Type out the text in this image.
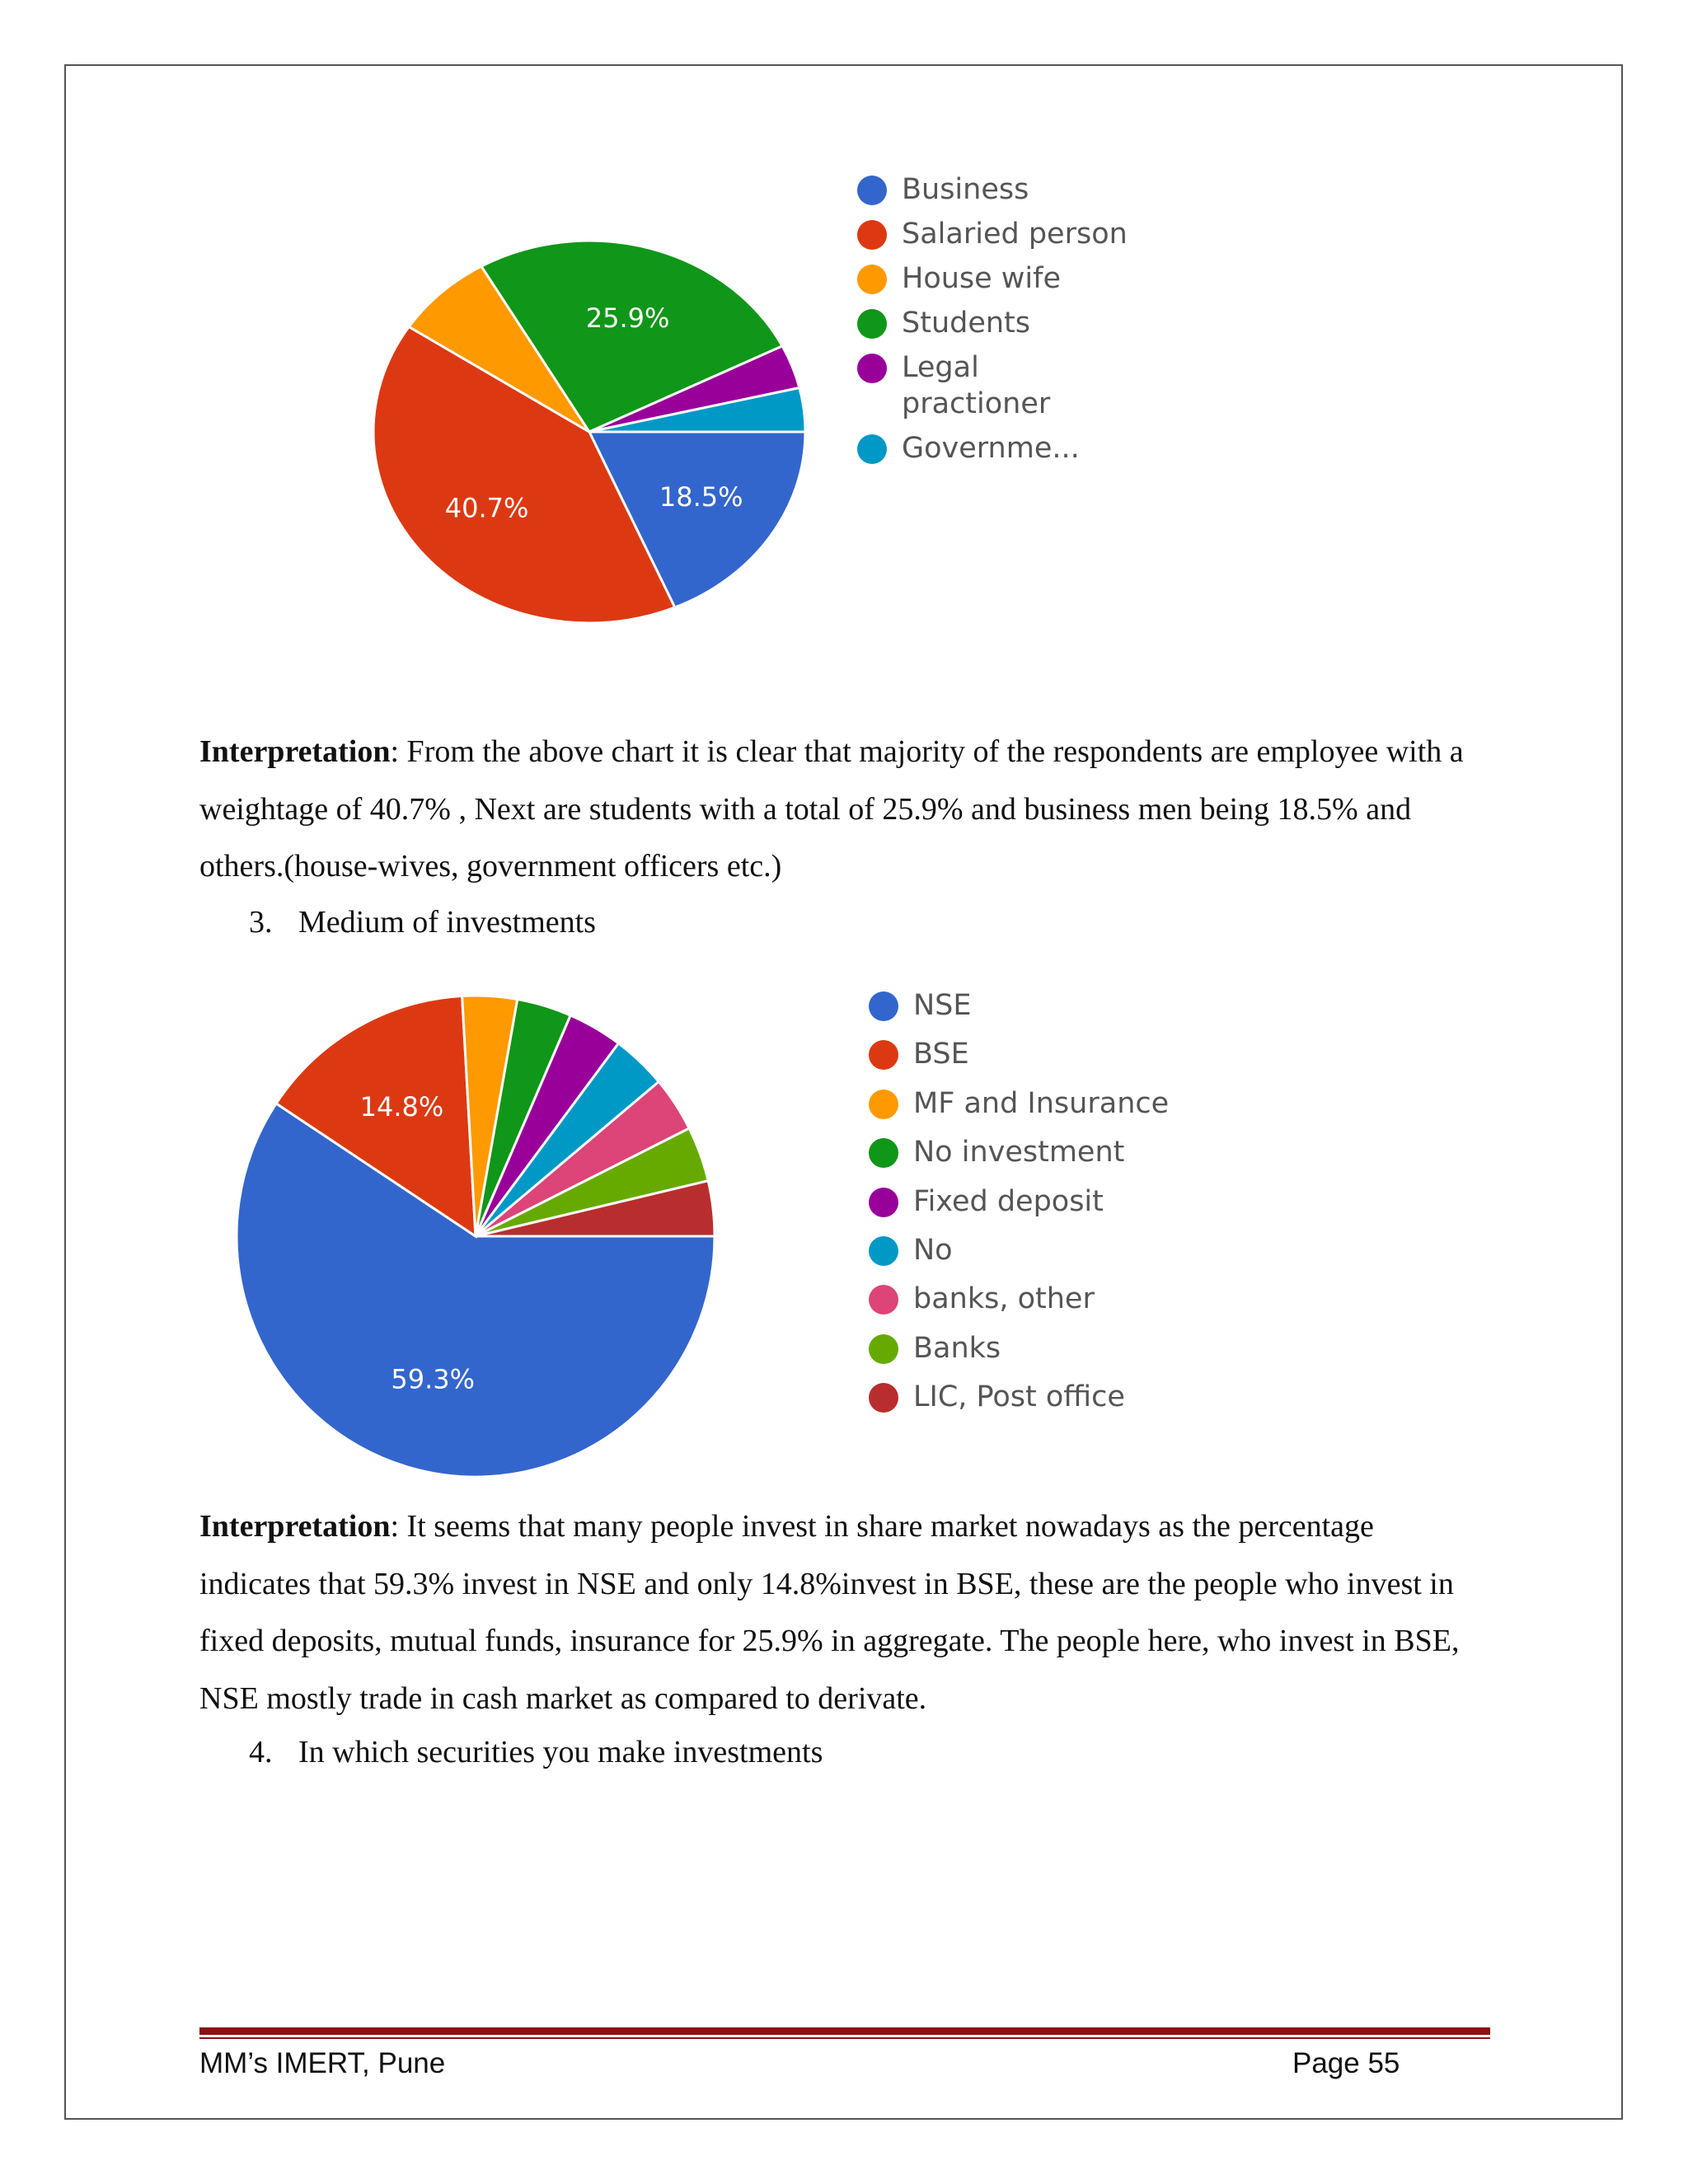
18.5%
40.7%
25.9%
Business
Salaried person
House wife
Students
Legal practioner
Governme...

Interpretation: From the above chart it is clear that majority of the respondents are employee with a weightage of 40.7% , Next are students with a total of 25.9% and business men being 18.5% and others.(house-wives, government officers etc.)

3. Medium of investments

59.3%
14.8%
NSE
BSE
MF and Insurance
No investment
Fixed deposit
No
banks, other
Banks
LIC, Post office

Interpretation: It seems that many people invest in share market nowadays as the percentage indicates that 59.3% invest in NSE and only 14.8%invest in BSE, these are the people who invest in fixed deposits, mutual funds, insurance for 25.9% in aggregate. The people here, who invest in BSE, NSE mostly trade in cash market as compared to derivate.

4. In which securities you make investments

MM’s IMERT, Pune	Page 55
